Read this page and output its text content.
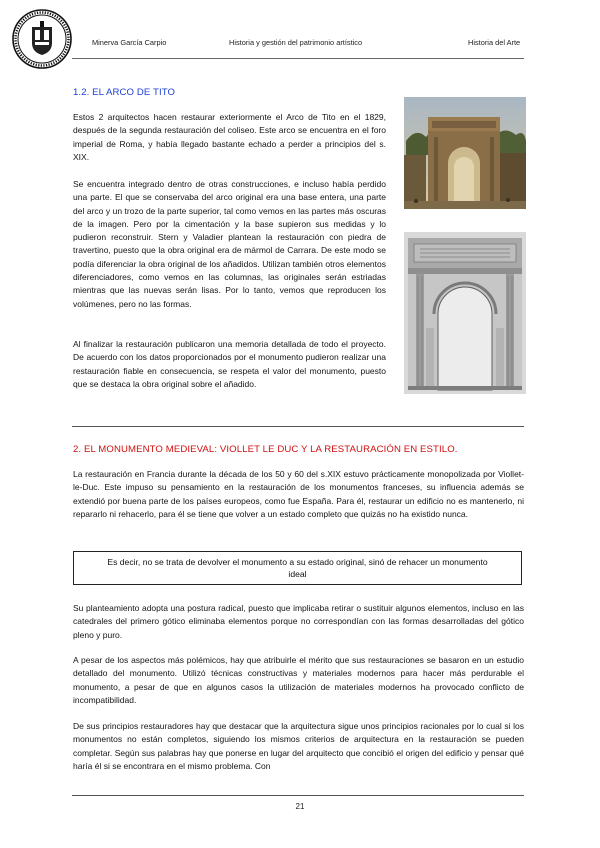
Minerva García Carpio	Historia y gestión del patrimonio artístico	Historia del Arte
1.2. EL ARCO DE TITO

Estos 2 arquitectos hacen restaurar exteriormente el Arco de Tito en el 1829, después de la segunda restauración del coliseo. Este arco se encuentra en el foro imperial de Roma, y había llegado bastante echado a perder a principios del s. XIX.

Se encuentra integrado dentro de otras construcciones, e incluso había perdido una parte. El que se conservaba del arco original era una base entera, una parte del arco y un trozo de la parte superior, tal como vemos en las partes más oscuras de la imagen. Pero por la cimentación y la base supieron sus medidas y lo pudieron reconstruir. Stern y Valadier plantean la restauración con piedra de travertino, puesto que la obra original era de mármol de Carrara. De este modo se podía diferenciar la obra original de los añadidos. Utilizan también otros elementos diferenciadores, como vemos en las columnas, las originales serán estriadas mientras que las nuevas serán lisas. Por lo tanto, vemos que reproducen los volúmenes, pero no las formas.

Al finalizar la restauración publicaron una memoria detallada de todo el proyecto. De acuerdo con los datos proporcionados por el monumento pudieron realizar una restauración fiable en consecuencia, se respeta el valor del monumento, puesto que se destaca la obra original sobre el añadido.

2. EL MONUMENTO MEDIEVAL: VIOLLET LE DUC Y LA RESTAURACIÓN EN ESTILO.

La restauración en Francia durante la década de los 50 y 60 del s.XIX estuvo prácticamente monopolizada por Viollet-le-Duc. Este impuso su pensamiento en la restauración de los monumentos franceses, su influencia además se extendió por buena parte de los países europeos, como fue España. Para él, restaurar un edificio no es mantenerlo, ni repararlo ni rehacerlo, para él se tiene que volver a un estado completo que quizás no ha existido nunca.

Es decir, no se trata de devolver el monumento a su estado original, sinó de rehacer un monumento ideal

Su planteamiento adopta una postura radical, puesto que implicaba retirar o sustituir algunos elementos, incluso en las catedrales del primero gótico eliminaba elementos porque no correspondían con las formas desarrolladas del gótico pleno y puro.

A pesar de los aspectos más polémicos, hay que atribuirle el mérito que sus restauraciones se basaron en un estudio detallado del monumento. Utilizó técnicas constructivas y materiales modernos para hacer más perdurable el monumento, a pesar de que en algunos casos la utilización de materiales modernos ha provocado conflicto de incompatibilidad.

De sus principios restauradores hay que destacar que la arquitectura sigue unos principios racionales por lo cual si los monumentos no están completos, siguiendo los mismos criterios de arquitectura en la restauración se pueden completar. Según sus palabras hay que ponerse en lugar del arquitecto que concibió el origen del edificio y pensar qué haría él si se encontrara en el mismo problema. Con

21
